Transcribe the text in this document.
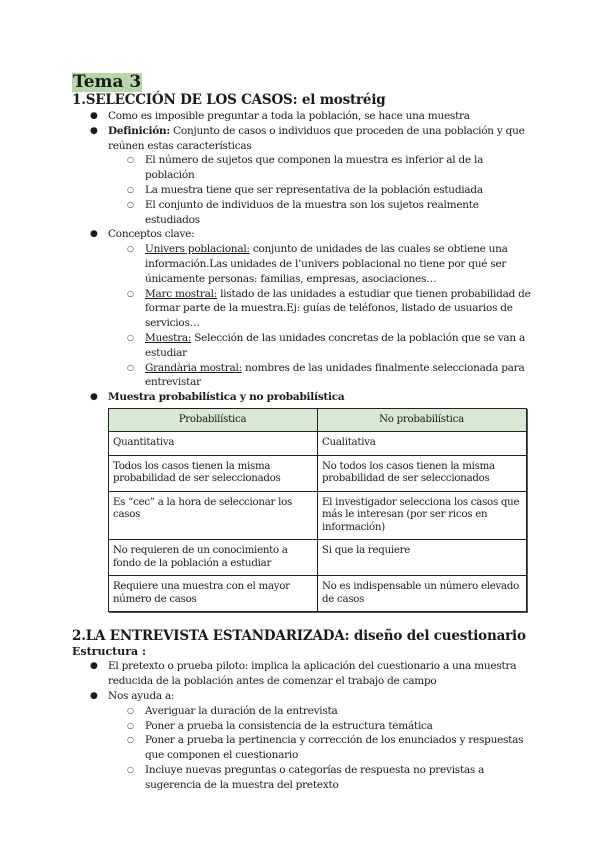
Tema 3
1.SELECCIÓN DE LOS CASOS: el mostréig
● Como es imposible preguntar a toda la población, se hace una muestra
● Definición: Conjunto de casos o individuos que proceden de una población y que reúnen estas características
○ El número de sujetos que componen la muestra es inferior al de la población
○ La muestra tiene que ser representativa de la población estudiada
○ El conjunto de individuos de la muestra son los sujetos realmente estudiados
● Conceptos clave:
○ Univers poblacional: conjunto de unidades de las cuales se obtiene una información.Las unidades de l’univers poblacional no tiene por qué ser únicamente personas: familias, empresas, asociaciones…
○ Marc mostral: listado de las unidades a estudiar que tienen probabilidad de formar parte de la muestra.Ej: guías de teléfonos, listado de usuarios de servicios…
○ Muestra: Selección de las unidades concretas de la población que se van a estudiar
○ Grandària mostral: nombres de las unidades finalmente seleccionada para entrevistar
● Muestra probabilística y no probabilística
Probabilística	No probabilística
Quantitativa	Cualitativa
Todos los casos tienen la misma probabilidad de ser seleccionados	No todos los casos tienen la misma probabilidad de ser seleccionados
Es “cec” a la hora de seleccionar los casos	El investigador selecciona los casos que más le interesan (por ser ricos en información)
No requieren de un conocimiento a fondo de la población a estudiar	Si que la requiere
Requiere una muestra con el mayor número de casos	No es indispensable un número elevado de casos
2.LA ENTREVISTA ESTANDARIZADA: diseño del cuestionario
Estructura :
● El pretexto o prueba piloto: implica la aplicación del cuestionario a una muestra reducida de la población antes de comenzar el trabajo de campo
● Nos ayuda a:
○ Averiguar la duración de la entrevista
○ Poner a prueba la consistencia de la estructura temática
○ Poner a prueba la pertinencia y corrección de los enunciados y respuestas que componen el cuestionario
○ Incluye nuevas preguntas o categorías de respuesta no previstas a sugerencia de la muestra del pretexto
